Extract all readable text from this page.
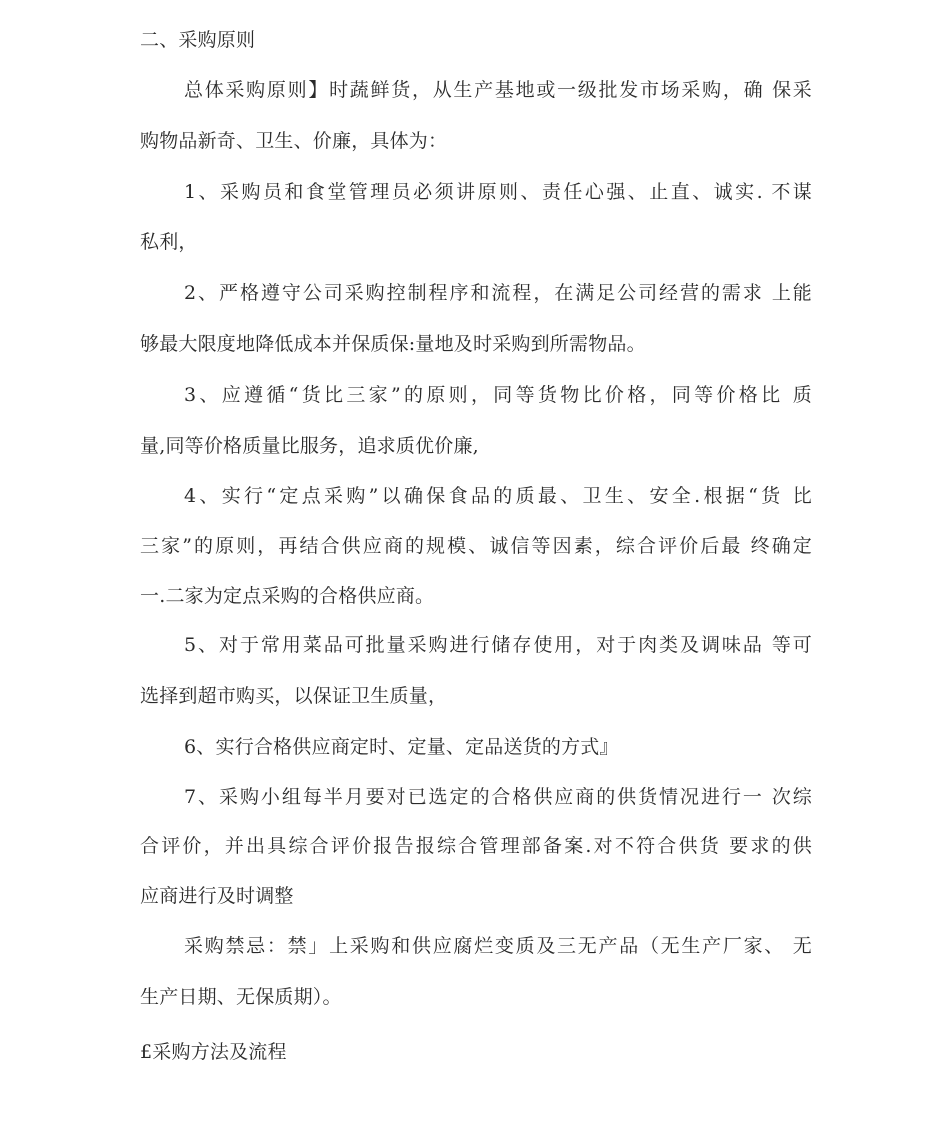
二、采购原则
总体采购原则】时蔬鲜货，从生产基地或一级批发市场采购，确 保采
购物品新奇、卫生、价廉，具体为：
1、采购员和食堂管理员必须讲原则、责任心强、止直、诚实. 不谋
私利，
2、严格遵守公司采购控制程序和流程，在满足公司经营的需求 上能
够最大限度地降低成本并保质保:量地及时采购到所需物品。
3、应遵循“货比三家”的原则，同等货物比价格，同等价格比 质
量,同等价格质量比服务，追求质优价廉,
4、实行“定点采购”以确保食品的质最、卫生、安全.根据“货 比
三家”的原则，再结合供应商的规模、诚信等因素，综合评价后最 终确定
一.二家为定点采购的合格供应商。
5、对于常用菜品可批量采购进行储存使用，对于肉类及调味品 等可
选择到超市购买，以保证卫生质量，
6、实行合格供应商定时、定量、定品送货的方式』
7、采购小组每半月要对已选定的合格供应商的供货情况进行一 次综
合评价，并出具综合评价报告报综合管理部备案.对不符合供货 要求的供
应商进行及时调整
采购禁忌：禁」上采购和供应腐烂变质及三无产品（无生产厂家、 无
生产日期、无保质期）。
£采购方法及流程
